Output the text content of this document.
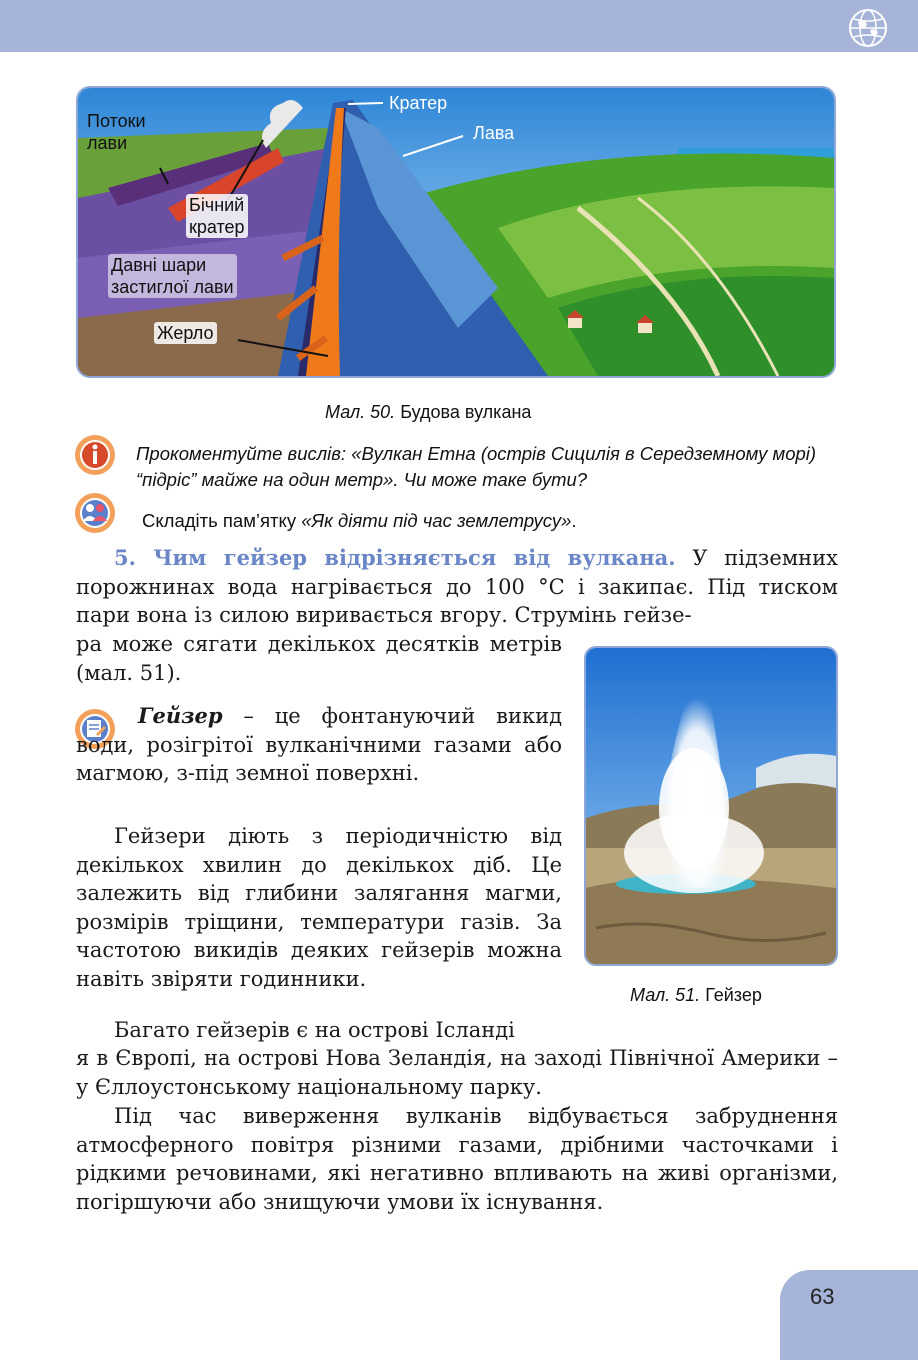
Потоки
лави
Кратер
Лава
Бічний
кратер
Давні шари
застиглої лави
Жерло
Мал. 50. Будова вулкана
Прокоментуйте вислів: «Вулкан Етна (острів Сицилія в Середземному морі) “підріс” майже на один метр». Чи може таке бути?
Складіть пам’ятку «Як діяти під час землетрусу».
5. Чим гейзер відрізняється від вулкана. У підземних порожнинах вода нагрівається до 100 °С і закипає. Під тиском пари вона із силою виривається вгору. Струмінь гейзе-
ра може сягати декількох десятків метрів (мал. 51).
Гейзер – це фонтануючий викид води, розігрітої вулканічними газами або магмою, з-під земної поверхні.
Гейзери діють з періодичністю від декількох хвилин до декількох діб. Це залежить від глибини залягання магми, розмірів тріщини, температури газів. За частотою викидів деяких гейзерів можна навіть звіряти годинники.
Багато гейзерів є на острові Ісланді
я в Європі, на острові Нова Зеландія, на заході Північної Америки – у Єллоустонському національному парку.
Під час виверження вулканів відбувається забруднення атмосферного повітря різними газами, дрібними часточками і рідкими речовинами, які негативно впливають на живі організми, погіршуючи або знищуючи умови їх існування.
Мал. 51. Гейзер
63
